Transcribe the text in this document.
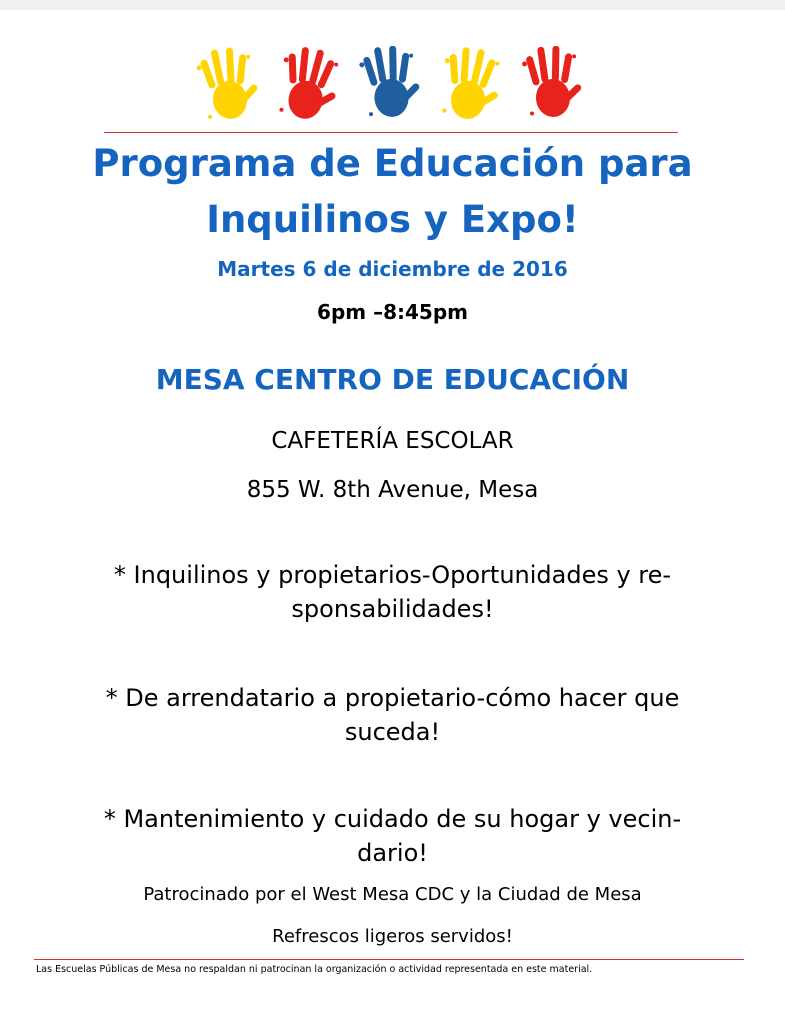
Programa de Educación para
Inquilinos y Expo!
Martes 6 de diciembre de 2016
6pm –8:45pm
MESA CENTRO DE EDUCACIÓN
CAFETERÍA ESCOLAR
855 W. 8th Avenue, Mesa
* Inquilinos y propietarios-Oportunidades y re-
sponsabilidades!
* De arrendatario a propietario-cómo hacer que
suceda!
* Mantenimiento y cuidado de su hogar y vecin-
dario!
Patrocinado por el West Mesa CDC y la Ciudad de Mesa
Refrescos ligeros servidos!
Las Escuelas Públicas de Mesa no respaldan ni patrocinan la organización o actividad representada en este material.
